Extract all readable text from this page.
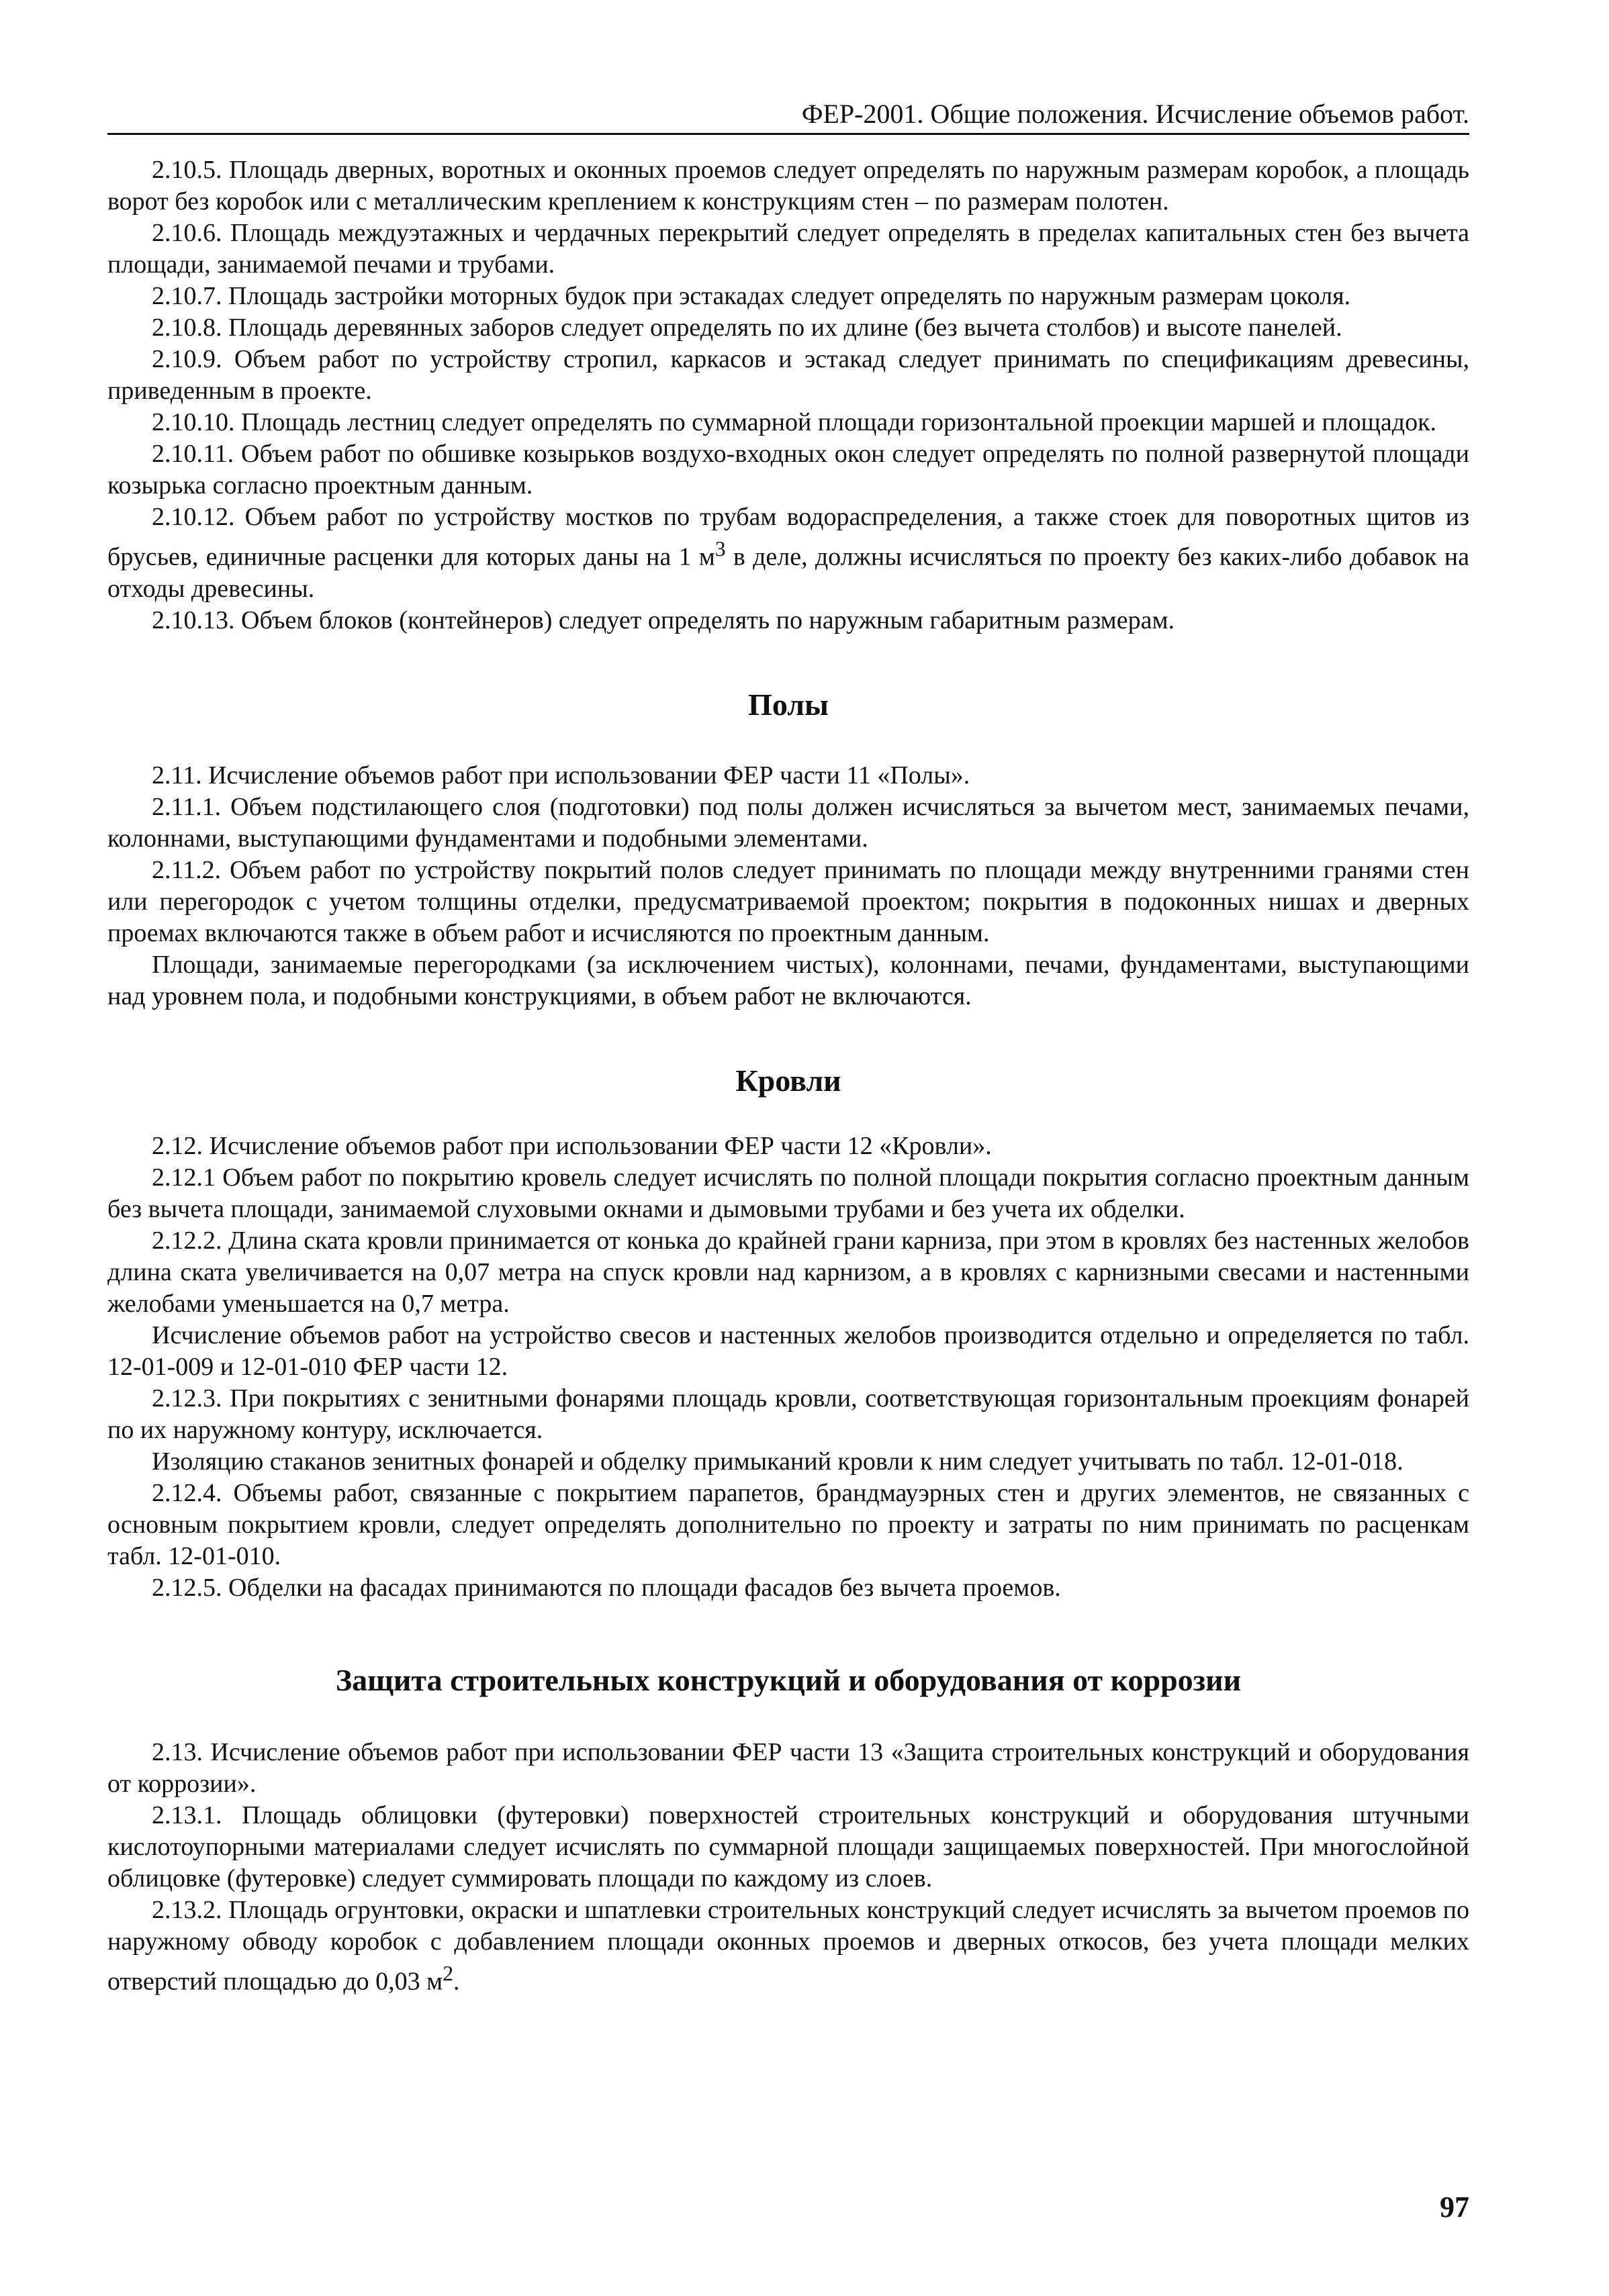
ФЕР-2001. Общие положения. Исчисление объемов работ.

2.10.5. Площадь дверных, воротных и оконных проемов следует определять по наружным размерам коробок, а площадь ворот без коробок или с металлическим креплением к конструкциям стен – по размерам полотен.

2.10.6. Площадь междуэтажных и чердачных перекрытий следует определять в пределах капитальных стен без вычета площади, занимаемой печами и трубами.

2.10.7. Площадь застройки моторных будок при эстакадах следует определять по наружным размерам цоколя.

2.10.8. Площадь деревянных заборов следует определять по их длине (без вычета столбов) и высоте панелей.

2.10.9. Объем работ по устройству стропил, каркасов и эстакад следует принимать по спецификациям древесины, приведенным в проекте.

2.10.10. Площадь лестниц следует определять по суммарной площади горизонтальной проекции маршей и площадок.

2.10.11. Объем работ по обшивке козырьков воздухо-входных окон следует определять по полной развернутой площади козырька согласно проектным данным.

2.10.12. Объем работ по устройству мостков по трубам водораспределения, а также стоек для поворотных щитов из брусьев, единичные расценки для которых даны на 1 $м^3$ в деле, должны исчисляться по проекту без каких-либо добавок на отходы древесины.

2.10.13. Объем блоков (контейнеров) следует определять по наружным габаритным размерам.

Полы

2.11. Исчисление объемов работ при использовании ФЕР части 11 «Полы».

2.11.1. Объем подстилающего слоя (подготовки) под полы должен исчисляться за вычетом мест, занимаемых печами, колоннами, выступающими фундаментами и подобными элементами.

2.11.2. Объем работ по устройству покрытий полов следует принимать по площади между внутренними гранями стен или перегородок с учетом толщины отделки, предусматриваемой проектом; покрытия в подоконных нишах и дверных проемах включаются также в объем работ и исчисляются по проектным данным.

Площади, занимаемые перегородками (за исключением чистых), колоннами, печами, фундаментами, выступающими над уровнем пола, и подобными конструкциями, в объем работ не включаются.

Кровли

2.12. Исчисление объемов работ при использовании ФЕР части 12 «Кровли».

2.12.1 Объем работ по покрытию кровель следует исчислять по полной площади покрытия согласно проектным данным без вычета площади, занимаемой слуховыми окнами и дымовыми трубами и без учета их обделки.

2.12.2. Длина ската кровли принимается от конька до крайней грани карниза, при этом в кровлях без настенных желобов длина ската увеличивается на 0,07 метра на спуск кровли над карнизом, а в кровлях с карнизными свесами и настенными желобами уменьшается на 0,7 метра.

Исчисление объемов работ на устройство свесов и настенных желобов производится отдельно и определяется по табл. 12-01-009 и 12-01-010 ФЕР части 12.

2.12.3. При покрытиях с зенитными фонарями площадь кровли, соответствующая горизонтальным проекциям фонарей по их наружному контуру, исключается.

Изоляцию стаканов зенитных фонарей и обделку примыканий кровли к ним следует учитывать по табл. 12-01-018.

2.12.4. Объемы работ, связанные с покрытием парапетов, брандмауэрных стен и других элементов, не связанных с основным покрытием кровли, следует определять дополнительно по проекту и затраты по ним принимать по расценкам табл. 12-01-010.

2.12.5. Обделки на фасадах принимаются по площади фасадов без вычета проемов.

Защита строительных конструкций и оборудования от коррозии

2.13. Исчисление объемов работ при использовании ФЕР части 13 «Защита строительных конструкций и оборудования от коррозии».

2.13.1. Площадь облицовки (футеровки) поверхностей строительных конструкций и оборудования штучными кислотоупорными материалами следует исчислять по суммарной площади защищаемых поверхностей. При многослойной облицовке (футеровке) следует суммировать площади по каждому из слоев.

2.13.2. Площадь огрунтовки, окраски и шпатлевки строительных конструкций следует исчислять за вычетом проемов по наружному обводу коробок с добавлением площади оконных проемов и дверных откосов, без учета площади мелких отверстий площадью до 0,03 $м^2$.

97
